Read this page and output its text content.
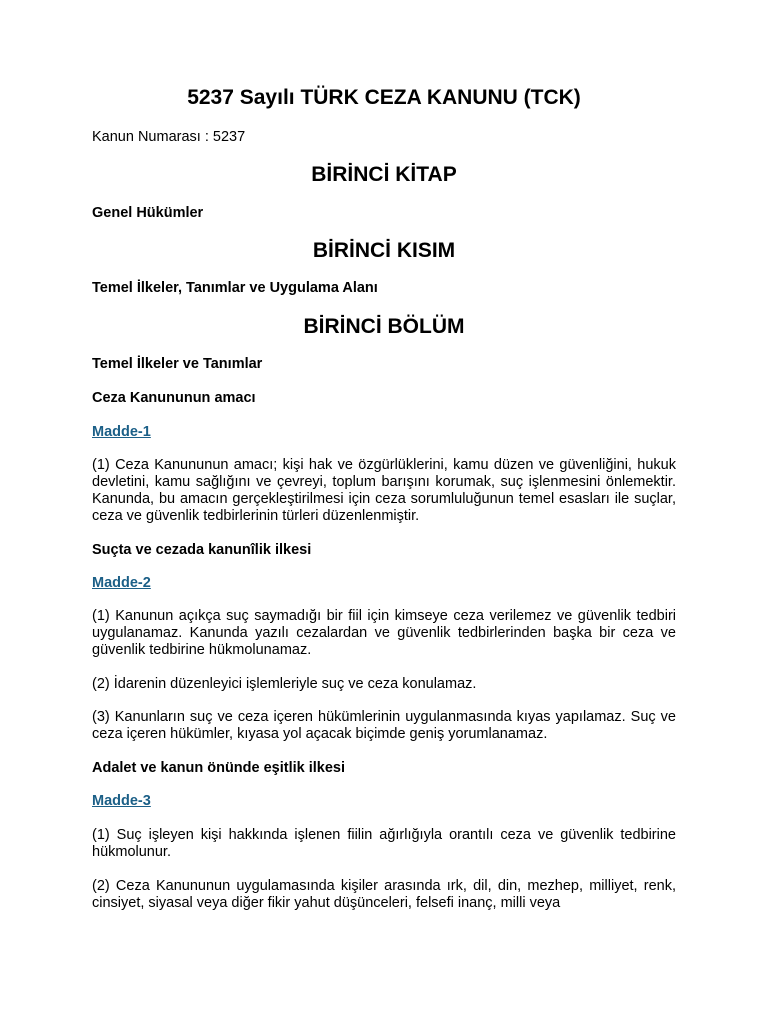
5237 Sayılı TÜRK CEZA KANUNU (TCK)

Kanun Numarası : 5237

BİRİNCİ KİTAP

Genel Hükümler

BİRİNCİ KISIM

Temel İlkeler, Tanımlar ve Uygulama Alanı

BİRİNCİ BÖLÜM

Temel İlkeler ve Tanımlar

Ceza Kanununun amacı

Madde-1

(1) Ceza Kanununun amacı; kişi hak ve özgürlüklerini, kamu düzen ve güvenliğini, hukuk devletini, kamu sağlığını ve çevreyi, toplum barışını korumak, suç işlenmesini önlemektir. Kanunda, bu amacın gerçekleştirilmesi için ceza sorumluluğunun temel esasları ile suçlar, ceza ve güvenlik tedbirlerinin türleri düzenlenmiştir.

Suçta ve cezada kanunîlik ilkesi

Madde-2

(1) Kanunun açıkça suç saymadığı bir fiil için kimseye ceza verilemez ve güvenlik tedbiri uygulanamaz. Kanunda yazılı cezalardan ve güvenlik tedbirlerinden başka bir ceza ve güvenlik tedbirine hükmolunamaz.

(2) İdarenin düzenleyici işlemleriyle suç ve ceza konulamaz.

(3) Kanunların suç ve ceza içeren hükümlerinin uygulanmasında kıyas yapılamaz. Suç ve ceza içeren hükümler, kıyasa yol açacak biçimde geniş yorumlanamaz.

Adalet ve kanun önünde eşitlik ilkesi

Madde-3

(1) Suç işleyen kişi hakkında işlenen fiilin ağırlığıyla orantılı ceza ve güvenlik tedbirine hükmolunur.

(2) Ceza Kanununun uygulamasında kişiler arasında ırk, dil, din, mezhep, milliyet, renk, cinsiyet, siyasal veya diğer fikir yahut düşünceleri, felsefi inanç, milli veya
